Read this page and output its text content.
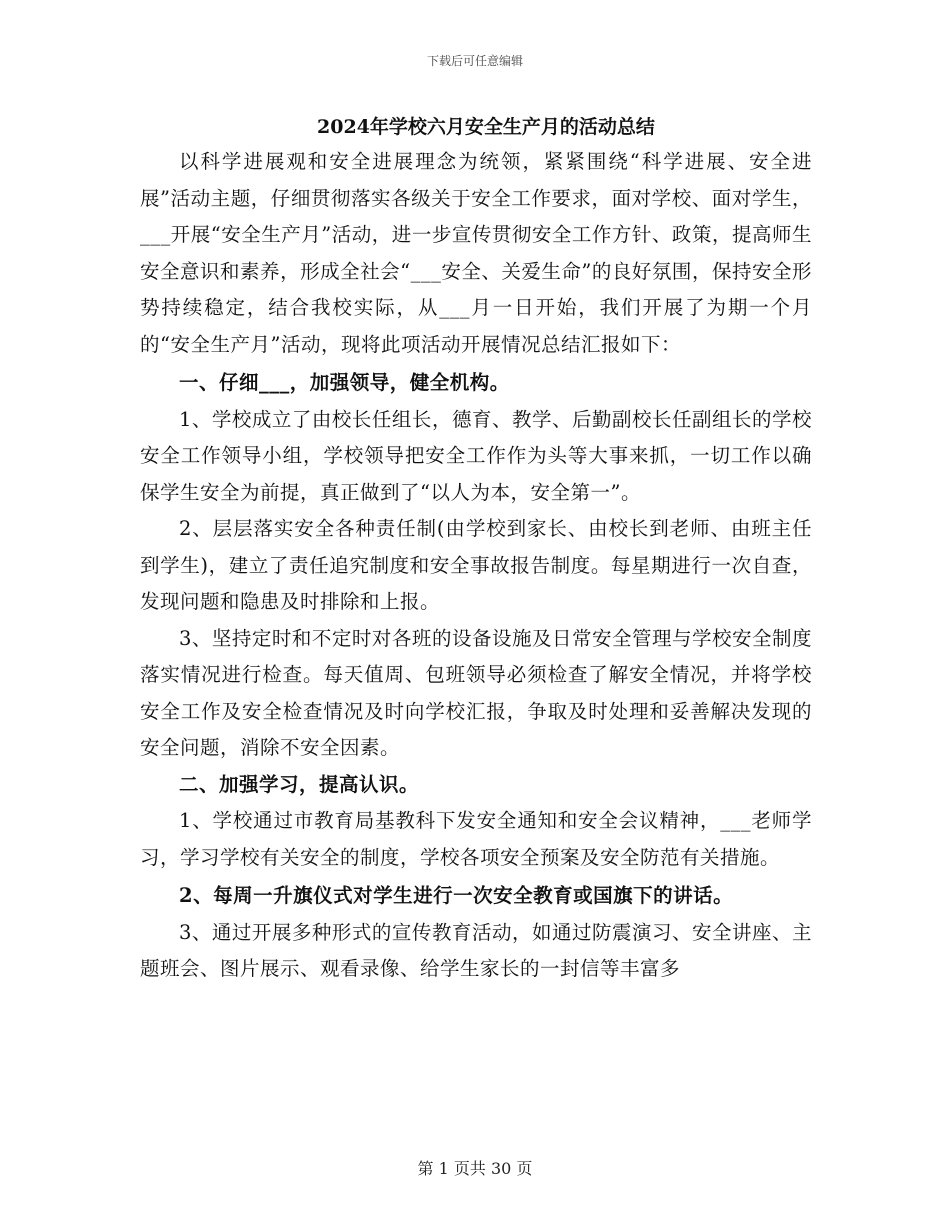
下载后可任意编辑
2024年学校六月安全生产月的活动总结

以科学进展观和安全进展理念为统领，紧紧围绕“科学进展、安全进展”活动主题，仔细贯彻落实各级关于安全工作要求，面对学校、面对学生，___开展“安全生产月”活动，进一步宣传贯彻安全工作方针、政策，提高师生安全意识和素养，形成全社会“___安全、关爱生命”的良好氛围，保持安全形势持续稳定，结合我校实际，从___月一日开始，我们开展了为期一个月的“安全生产月”活动，现将此项活动开展情况总结汇报如下：

一、仔细___，加强领导，健全机构。

1、学校成立了由校长任组长，德育、教学、后勤副校长任副组长的学校安全工作领导小组，学校领导把安全工作作为头等大事来抓，一切工作以确保学生安全为前提，真正做到了“以人为本，安全第一”。

2、层层落实安全各种责任制(由学校到家长、由校长到老师、由班主任到学生)，建立了责任追究制度和安全事故报告制度。每星期进行一次自查，发现问题和隐患及时排除和上报。

3、坚持定时和不定时对各班的设备设施及日常安全管理与学校安全制度落实情况进行检查。每天值周、包班领导必须检查了解安全情况，并将学校安全工作及安全检查情况及时向学校汇报，争取及时处理和妥善解决发现的安全问题，消除不安全因素。

二、加强学习，提高认识。

1、学校通过市教育局基教科下发安全通知和安全会议精神，___老师学习，学习学校有关安全的制度，学校各项安全预案及安全防范有关措施。

2、每周一升旗仪式对学生进行一次安全教育或国旗下的讲话。

3、通过开展多种形式的宣传教育活动，如通过防震演习、安全讲座、主题班会、图片展示、观看录像、给学生家长的一封信等丰富多

第 1 页共 30 页
